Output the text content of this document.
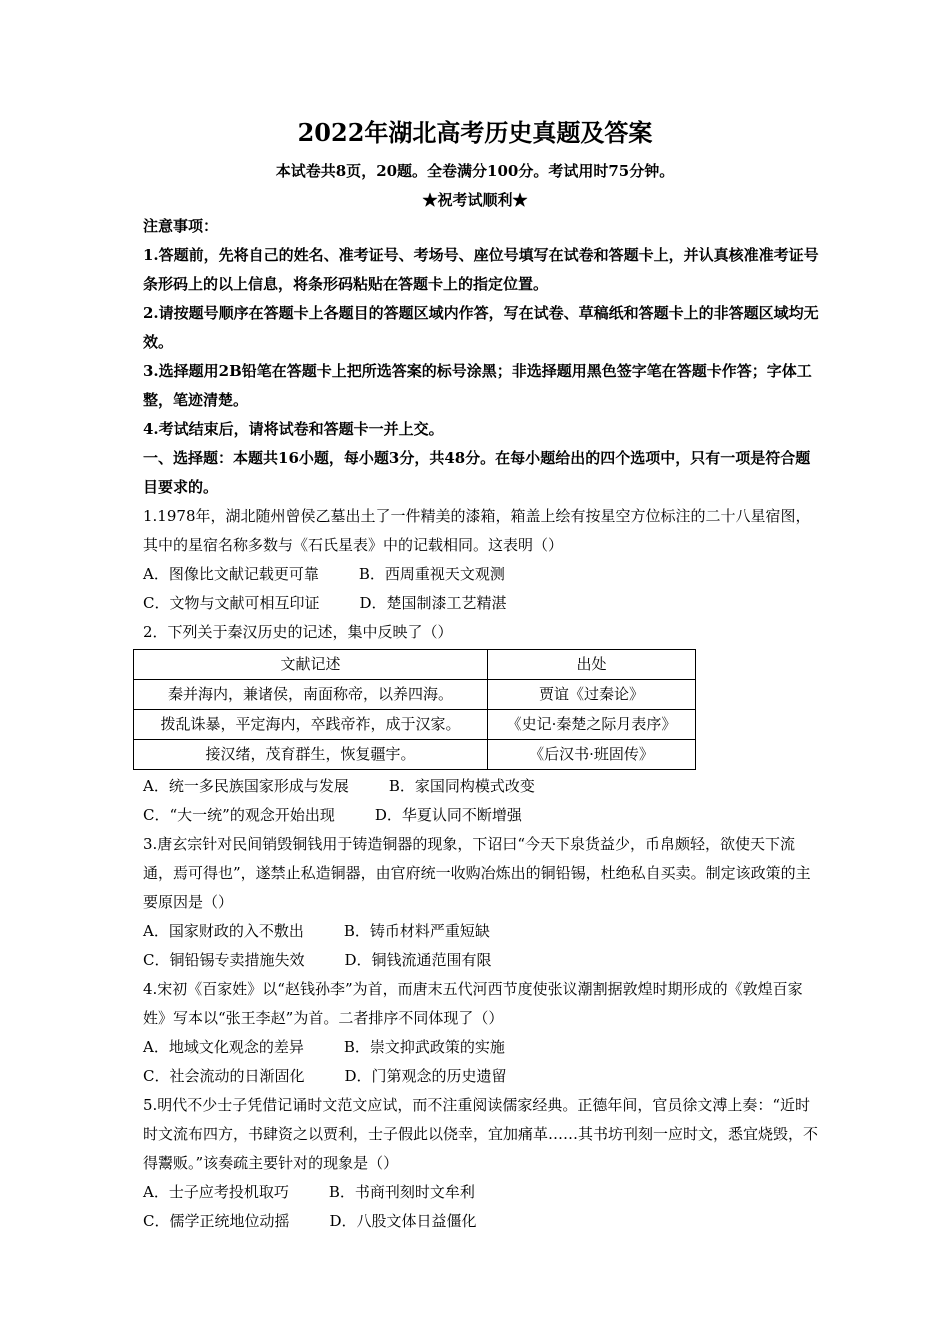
2022年湖北高考历史真题及答案
本试卷共8页，20题。全卷满分100分。考试用时75分钟。
★祝考试顺利★

注意事项：

1.答题前，先将自己的姓名、准考证号、考场号、座位号填写在试卷和答题卡上，并认真核准准考证号条形码上的以上信息，将条形码粘贴在答题卡上的指定位置。

2.请按题号顺序在答题卡上各题目的答题区域内作答，写在试卷、草稿纸和答题卡上的非答题区域均无效。

3.选择题用2B铅笔在答题卡上把所选答案的标号涂黑；非选择题用黑色签字笔在答题卡作答；字体工整，笔迹清楚。

4.考试结束后，请将试卷和答题卡一并上交。

一、选择题：本题共16小题，每小题3分，共48分。在每小题给出的四个选项中，只有一项是符合题目要求的。

1.1978年，湖北随州曾侯乙墓出土了一件精美的漆箱，箱盖上绘有按星空方位标注的二十八星宿图，其中的星宿名称多数与《石氏星表》中的记载相同。这表明（）

A．图像比文献记载更可靠	B．西周重视天文观测
C．文物与文献可相互印证	D．楚国制漆工艺精湛

2．下列关于秦汉历史的记述，集中反映了（）

文献记述	出处
秦并海内，兼诸侯，南面称帝，以养四海。	贾谊《过秦论》
拨乱诛暴，平定海内，卒践帝祚，成于汉家。	《史记·秦楚之际月表序》
接汉绪，茂育群生，恢复疆宇。	《后汉书·班固传》
A．统一多民族国家形成与发展	B．家国同构模式改变
C．“大一统”的观念开始出现	D．华夏认同不断增强

3.唐玄宗针对民间销毁铜钱用于铸造铜器的现象，下诏曰“今天下泉货益少，币帛颇轻，欲使天下流通，焉可得也”，遂禁止私造铜器，由官府统一收购冶炼出的铜铅锡，杜绝私自买卖。制定该政策的主要原因是（）

A．国家财政的入不敷出	B．铸币材料严重短缺
C．铜铅锡专卖措施失效	D．铜钱流通范围有限

4.宋初《百家姓》以“赵钱孙李”为首，而唐末五代河西节度使张议潮割据敦煌时期形成的《敦煌百家姓》写本以“张王李赵”为首。二者排序不同体现了（）

A．地域文化观念的差异	B．崇文抑武政策的实施
C．社会流动的日渐固化	D．门第观念的历史遗留

5.明代不少士子凭借记诵时文范文应试，而不注重阅读儒家经典。正德年间，官员徐文溥上奏：“近时时文流布四方，书肆资之以贾利，士子假此以侥幸，宜加痛革……其书坊刊刻一应时文，悉宜烧毁，不得鬻贩。”该奏疏主要针对的现象是（）

A．士子应考投机取巧	B．书商刊刻时文牟利
C．儒学正统地位动摇	D．八股文体日益僵化
